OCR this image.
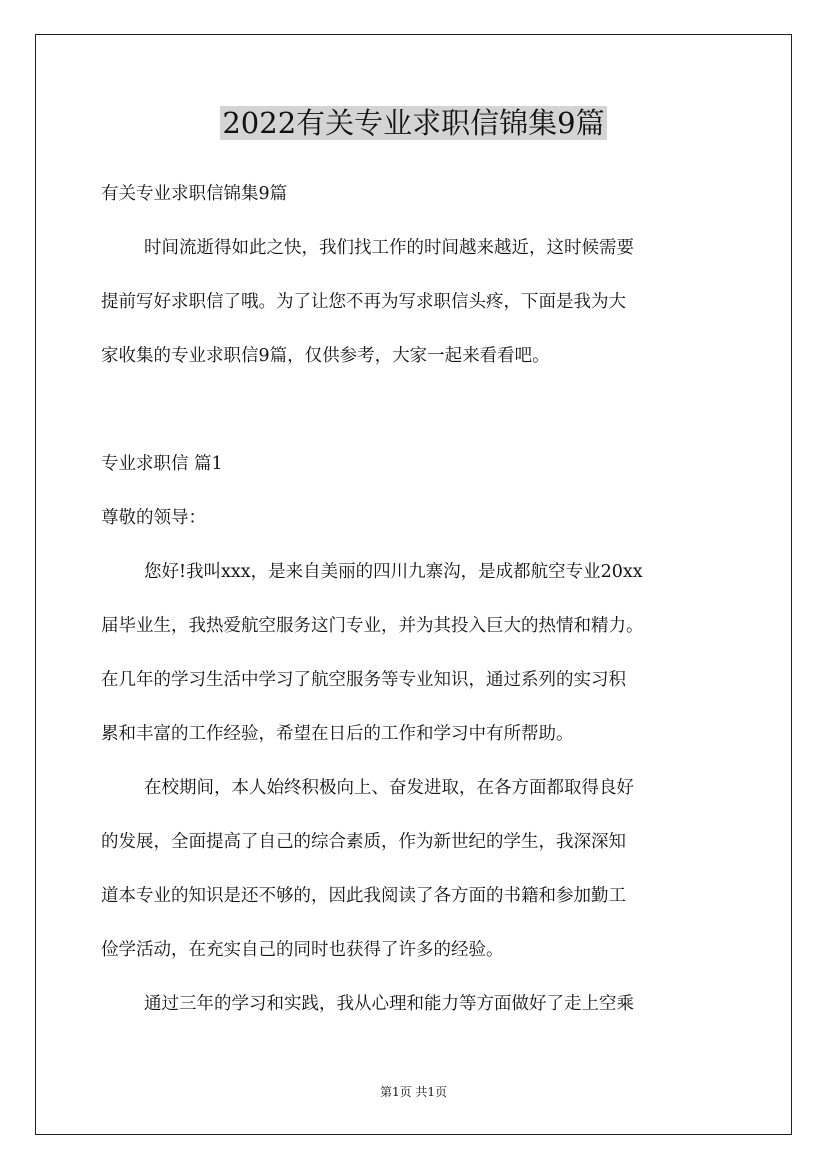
2022有关专业求职信锦集9篇

有关专业求职信锦集9篇

时间流逝得如此之快，我们找工作的时间越来越近，这时候需要

提前写好求职信了哦。为了让您不再为写求职信头疼，下面是我为大

家收集的专业求职信9篇，仅供参考，大家一起来看看吧。

专业求职信 篇1

尊敬的领导：

您好!我叫xxx，是来自美丽的四川九寨沟，是成都航空专业20xx

届毕业生，我热爱航空服务这门专业，并为其投入巨大的热情和精力。

在几年的学习生活中学习了航空服务等专业知识，通过系列的实习积

累和丰富的工作经验，希望在日后的工作和学习中有所帮助。

在校期间，本人始终积极向上、奋发进取，在各方面都取得良好

的发展，全面提高了自己的综合素质，作为新世纪的学生，我深深知

道本专业的知识是还不够的，因此我阅读了各方面的书籍和参加勤工

俭学活动，在充实自己的同时也获得了许多的经验。

通过三年的学习和实践，我从心理和能力等方面做好了走上空乘

第1页 共1页
